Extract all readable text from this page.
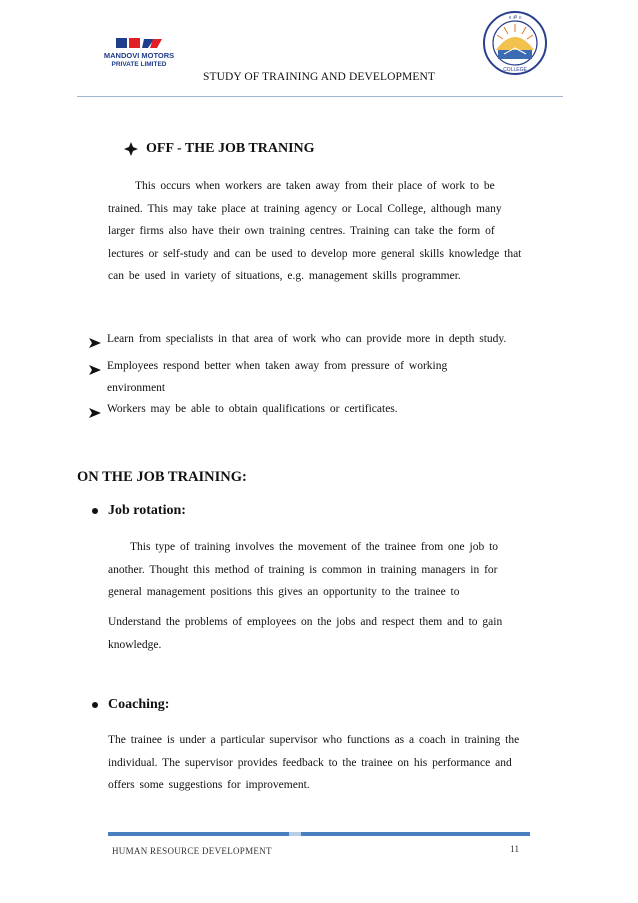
MANDOVI MOTORS
PRIVATE LIMITED
॥ ॐ ॥
COLLEGE
STUDY OF TRAINING AND DEVELOPMENT
OFF - THE JOB TRANING

This occurs when workers are taken away from their place of work to be trained. This may take place at training agency or Local College, although many larger firms also have their own training centres. Training can take the form of lectures or self-study and can be used to develop more general skills knowledge that can be used in variety of situations, e.g. management skills programmer.

Learn from specialists in that area of work who can provide more in depth study.
Employees respond better when taken away from pressure of working environment
Workers may be able to obtain qualifications or certificates.
ON THE JOB TRAINING:
Job rotation:

This type of training involves the movement of the trainee from one job to another. Thought this method of training is common in training managers in for general management positions this gives an opportunity to the trainee to

Understand the problems of employees on the jobs and respect them and to gain knowledge.

Coaching:

The trainee is under a particular supervisor who functions as a coach in training the individual. The supervisor provides feedback to the trainee on his performance and offers some suggestions for improvement.

HUMAN RESOURCE DEVELOPMENT	11
